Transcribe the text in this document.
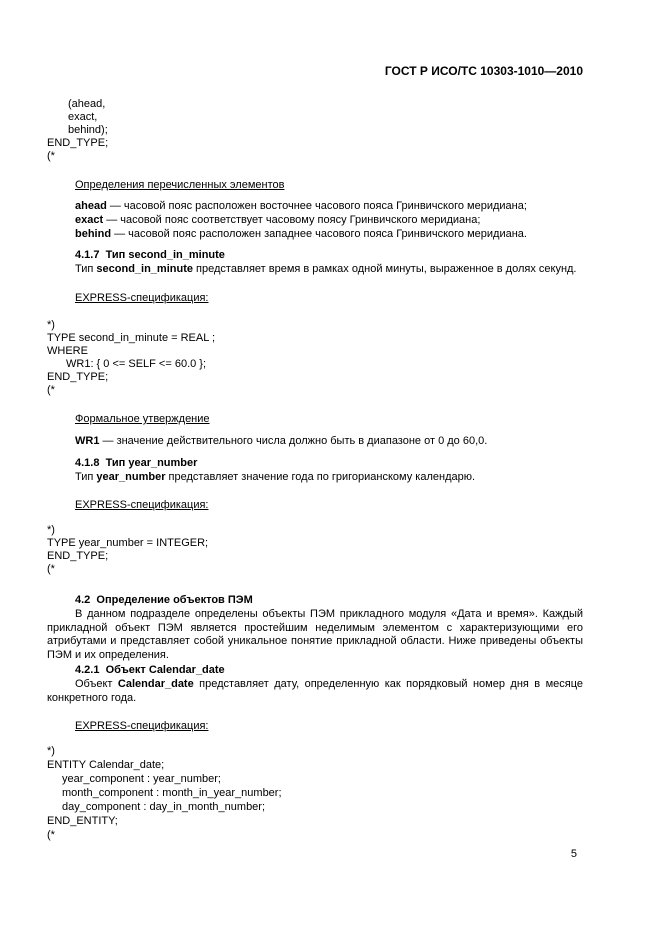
ГОСТ Р ИСО/ТС 10303-1010—2010
(ahead,
exact,
behind);
END_TYPE;
(*
Определения перечисленных элементов
ahead — часовой пояс расположен восточнее часового пояса Гринвичского меридиана;
exact — часовой пояс соответствует часовому поясу Гринвичского меридиана;
behind — часовой пояс расположен западнее часового пояса Гринвичского меридиана.
4.1.7  Тип second_in_minute
Тип second_in_minute представляет время в рамках одной минуты, выраженное в долях секунд.
EXPRESS-спецификация:
*)
TYPE second_in_minute = REAL ;
WHERE
WR1: { 0 <= SELF <= 60.0 };
END_TYPE;
(*
Формальное утверждение
WR1 — значение действительного числа должно быть в диапазоне от 0 до 60,0.
4.1.8  Тип year_number
Тип year_number представляет значение года по григорианскому календарю.
EXPRESS-спецификация:
*)
TYPE year_number = INTEGER;
END_TYPE;
(*
4.2  Определение объектов ПЭМ
В данном подразделе определены объекты ПЭМ прикладного модуля «Дата и время». Каждый прикладной объект ПЭМ является простейшим неделимым элементом с характеризующими его атрибутами и представляет собой уникальное понятие прикладной области. Ниже приведены объекты ПЭМ и их определения.
4.2.1  Объект Calendar_date
Объект Calendar_date представляет дату, определенную как порядковый номер дня в месяце конкретного года.
EXPRESS-спецификация:
*)
ENTITY Calendar_date;
year_component : year_number;
month_component : month_in_year_number;
day_component : day_in_month_number;
END_ENTITY;
(*
5
